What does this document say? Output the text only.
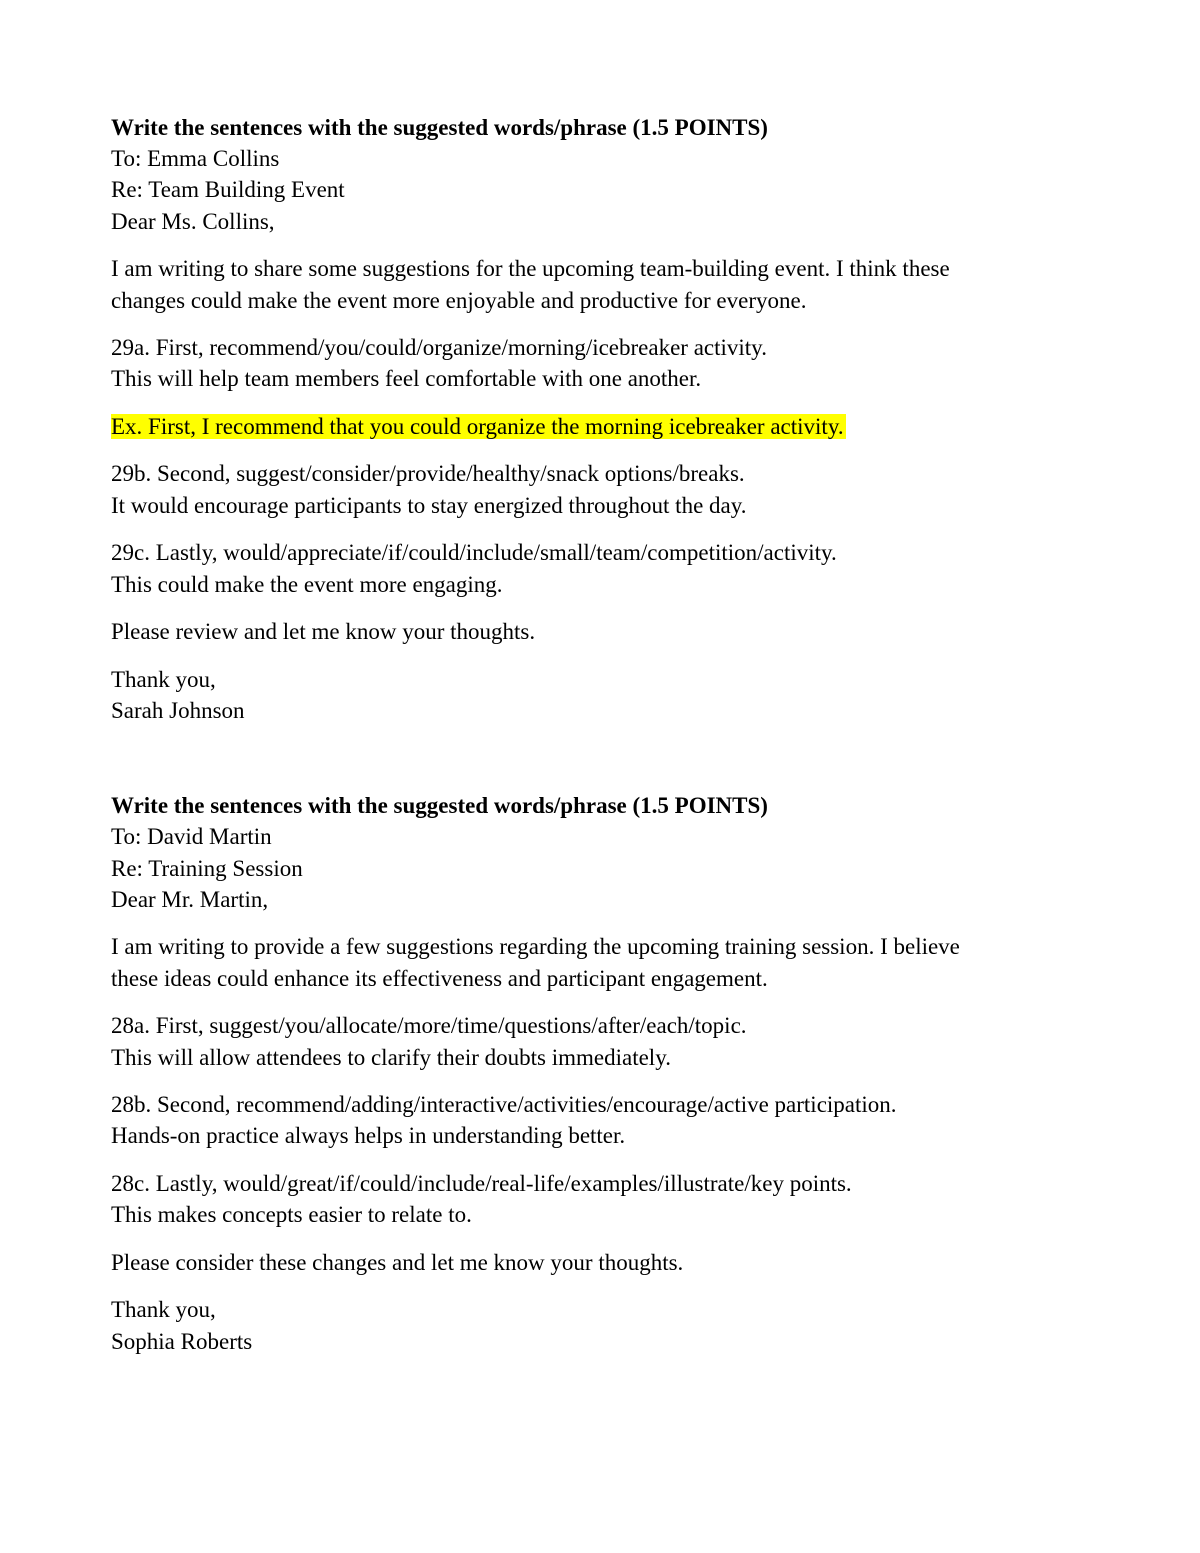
Write the sentences with the suggested words/phrase (1.5 POINTS)
To: Emma Collins
Re: Team Building Event
Dear Ms. Collins,
I am writing to share some suggestions for the upcoming team-building event. I think these
changes could make the event more enjoyable and productive for everyone.
29a. First, recommend/you/could/organize/morning/icebreaker activity.
This will help team members feel comfortable with one another.
Ex. First, I recommend that you could organize the morning icebreaker activity.
29b. Second, suggest/consider/provide/healthy/snack options/breaks.
It would encourage participants to stay energized throughout the day.
29c. Lastly, would/appreciate/if/could/include/small/team/competition/activity.
This could make the event more engaging.
Please review and let me know your thoughts.
Thank you,
Sarah Johnson
Write the sentences with the suggested words/phrase (1.5 POINTS)
To: David Martin
Re: Training Session
Dear Mr. Martin,
I am writing to provide a few suggestions regarding the upcoming training session. I believe
these ideas could enhance its effectiveness and participant engagement.
28a. First, suggest/you/allocate/more/time/questions/after/each/topic.
This will allow attendees to clarify their doubts immediately.
28b. Second, recommend/adding/interactive/activities/encourage/active participation.
Hands-on practice always helps in understanding better.
28c. Lastly, would/great/if/could/include/real-life/examples/illustrate/key points.
This makes concepts easier to relate to.
Please consider these changes and let me know your thoughts.
Thank you,
Sophia Roberts
